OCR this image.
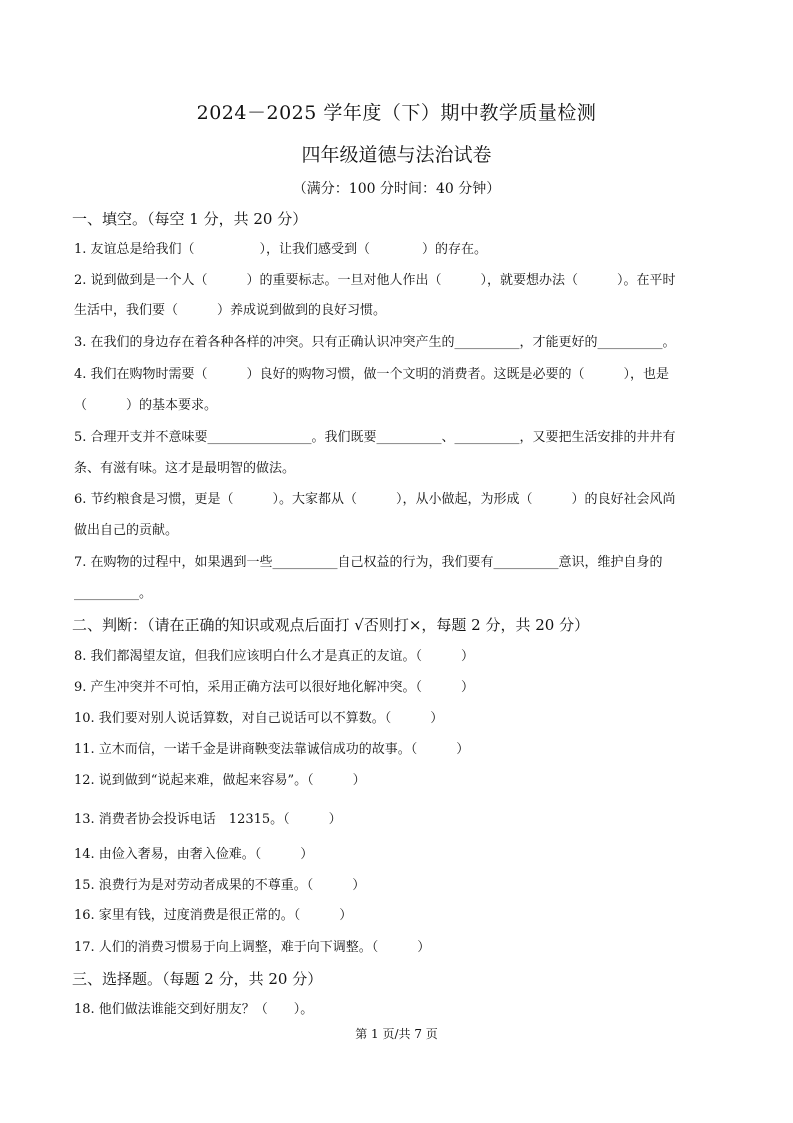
2024－2025 学年度（下）期中教学质量检测
四年级道德与法治试卷
（满分：100 分时间：40 分钟）
一、填空。（每空 1 分，共 20 分）
1. 友谊总是给我们（　　　　　），让我们感受到（　　　　）的存在。
2. 说到做到是一个人（　　　）的重要标志。一旦对他人作出（　　　），就要想办法（　　　）。在平时
生活中，我们要（　　　）养成说到做到的良好习惯。
3. 在我们的身边存在着各种各样的冲突。只有正确认识冲突产生的__________，才能更好的__________。
4. 我们在购物时需要（　　　）良好的购物习惯，做一个文明的消费者。这既是必要的（　　　），也是
（　　　）的基本要求。
5. 合理开支并不意味要________________。我们既要__________、__________，又要把生活安排的井井有
条、有滋有味。这才是最明智的做法。
6. 节约粮食是习惯，更是（　　　）。大家都从（　　　），从小做起，为形成（　　　）的良好社会风尚
做出自己的贡献。
7. 在购物的过程中，如果遇到一些__________自己权益的行为，我们要有__________意识，维护自身的
__________。
二、判断：（请在正确的知识或观点后面打 √否则打×，每题 2 分，共 20 分）
8. 我们都渴望友谊，但我们应该明白什么才是真正的友谊。（　　　）
9. 产生冲突并不可怕，采用正确方法可以很好地化解冲突。（　　　）
10. 我们要对别人说话算数，对自己说话可以不算数。（　　　）
11. 立木而信，一诺千金是讲商鞅变法靠诚信成功的故事。（　　　）
12. 说到做到“说起来难，做起来容易”。（　　　）
13. 消费者协会投诉电话　12315。（　　　）
14. 由俭入奢易，由奢入俭难。（　　　）
15. 浪费行为是对劳动者成果的不尊重。（　　　）
16. 家里有钱，过度消费是很正常的。（　　　）
17. 人们的消费习惯易于向上调整，难于向下调整。（　　　）
三、选择题。（每题 2 分，共 20 分）
18. 他们做法谁能交到好朋友？（　　）。
第 1 页/共 7 页
